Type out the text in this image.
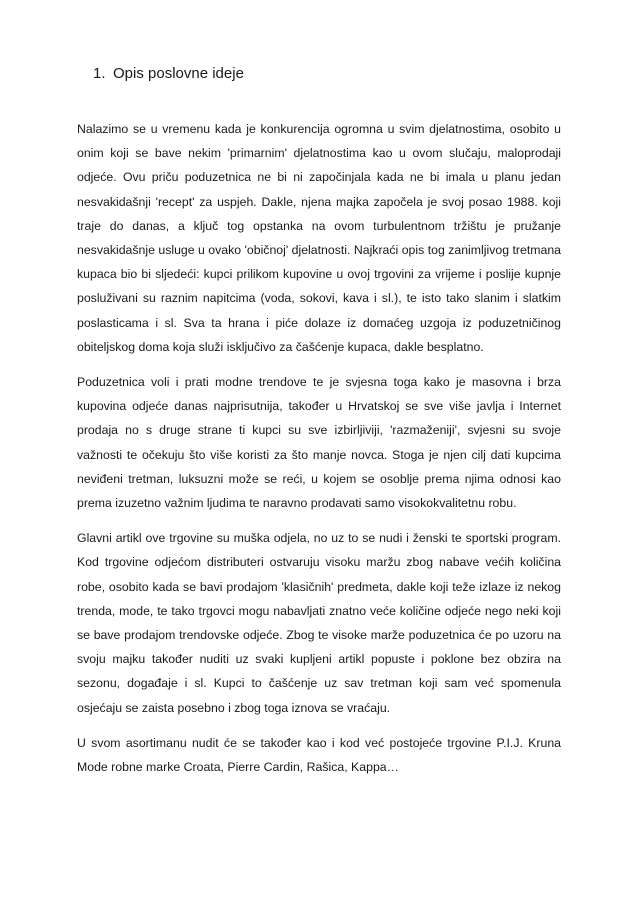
1. Opis poslovne ideje

Nalazimo se u vremenu kada je konkurencija ogromna u svim djelatnostima, osobito u onim koji se bave nekim 'primarnim' djelatnostima kao u ovom slučaju, maloprodaji odjeće. Ovu priču poduzetnica ne bi ni započinjala kada ne bi imala u planu jedan nesvakidašnji 'recept' za uspjeh. Dakle, njena majka započela je svoj posao 1988. koji traje do danas, a ključ tog opstanka na ovom turbulentnom tržištu je pružanje nesvakidašnje usluge u ovako 'običnoj' djelatnosti. Najkraći opis tog zanimljivog tretmana kupaca bio bi sljedeći: kupci prilikom kupovine u ovoj trgovini za vrijeme i poslije kupnje posluživani su raznim napitcima (voda, sokovi, kava i sl.), te isto tako slanim i slatkim poslasticama i sl. Sva ta hrana i piće dolaze iz domaćeg uzgoja iz poduzetničinog obiteljskog doma koja služi isključivo za čašćenje kupaca, dakle besplatno.

Poduzetnica voli i prati modne trendove te je svjesna toga kako je masovna i brza kupovina odjeće danas najprisutnija, također u Hrvatskoj se sve više javlja i Internet prodaja no s druge strane ti kupci su sve izbirljiviji, 'razmaženiji', svjesni su svoje važnosti te očekuju što više koristi za što manje novca. Stoga je njen cilj dati kupcima neviđeni tretman, luksuzni može se reći, u kojem se osoblje prema njima odnosi kao prema izuzetno važnim ljudima te naravno prodavati samo visokokvalitetnu robu.

Glavni artikl ove trgovine su muška odjela, no uz to se nudi i ženski te sportski program. Kod trgovine odjećom distributeri ostvaruju visoku maržu zbog nabave većih količina robe, osobito kada se bavi prodajom 'klasičnih' predmeta, dakle koji teže izlaze iz nekog trenda, mode, te tako trgovci mogu nabavljati znatno veće količine odjeće nego neki koji se bave prodajom trendovske odjeće. Zbog te visoke marže poduzetnica će po uzoru na svoju majku također nuditi uz svaki kupljeni artikl popuste i poklone bez obzira na sezonu, događaje i sl. Kupci to čašćenje uz sav tretman koji sam već spomenula osjećaju se zaista posebno i zbog toga iznova se vraćaju.

U svom asortimanu nudit će se također kao i kod već postojeće trgovine P.I.J. Kruna Mode robne marke Croata, Pierre Cardin, Rašica, Kappa…
